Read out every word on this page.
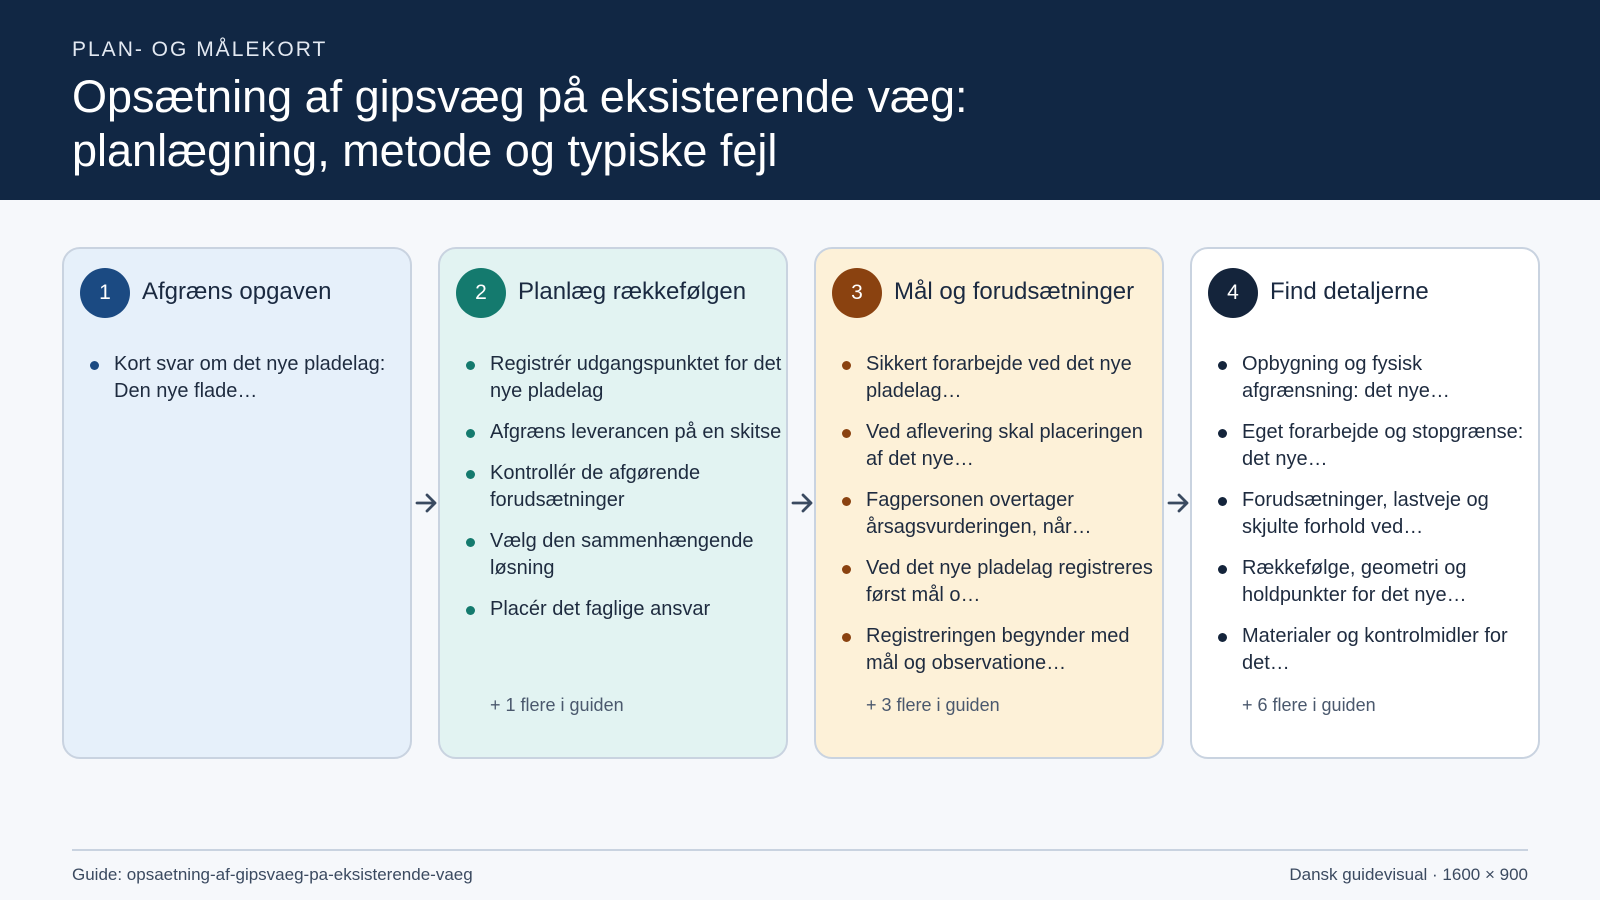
PLAN- OG MÅLEKORT
Opsætning af gipsvæg på eksisterende væg:
planlægning, metode og typiske fejl
1	Afgræns opgaven
Kort svar om det nye pladelag: Den nye flade…
2	Planlæg rækkefølgen
Registrér udgangspunktet for det nye pladelag
Afgræns leverancen på en skitse
Kontrollér de afgørende forudsætninger
Vælg den sammenhængende løsning
Placér det faglige ansvar
+ 1 flere i guiden
3	Mål og forudsætninger
Sikkert forarbejde ved det nye pladelag…
Ved aflevering skal placeringen af det nye…
Fagpersonen overtager årsagsvurderingen, når…
Ved det nye pladelag registreres først mål o…
Registreringen begynder med mål og observatione…
+ 3 flere i guiden
4	Find detaljerne
Opbygning og fysisk afgrænsning: det nye…
Eget forarbejde og stopgrænse: det nye…
Forudsætninger, lastveje og skjulte forhold ved…
Rækkefølge, geometri og holdpunkter for det nye…
Materialer og kontrolmidler for det…
+ 6 flere i guiden
Guide: opsaetning-af-gipsvaeg-pa-eksisterende-vaeg	Dansk guidevisual · 1600 × 900
